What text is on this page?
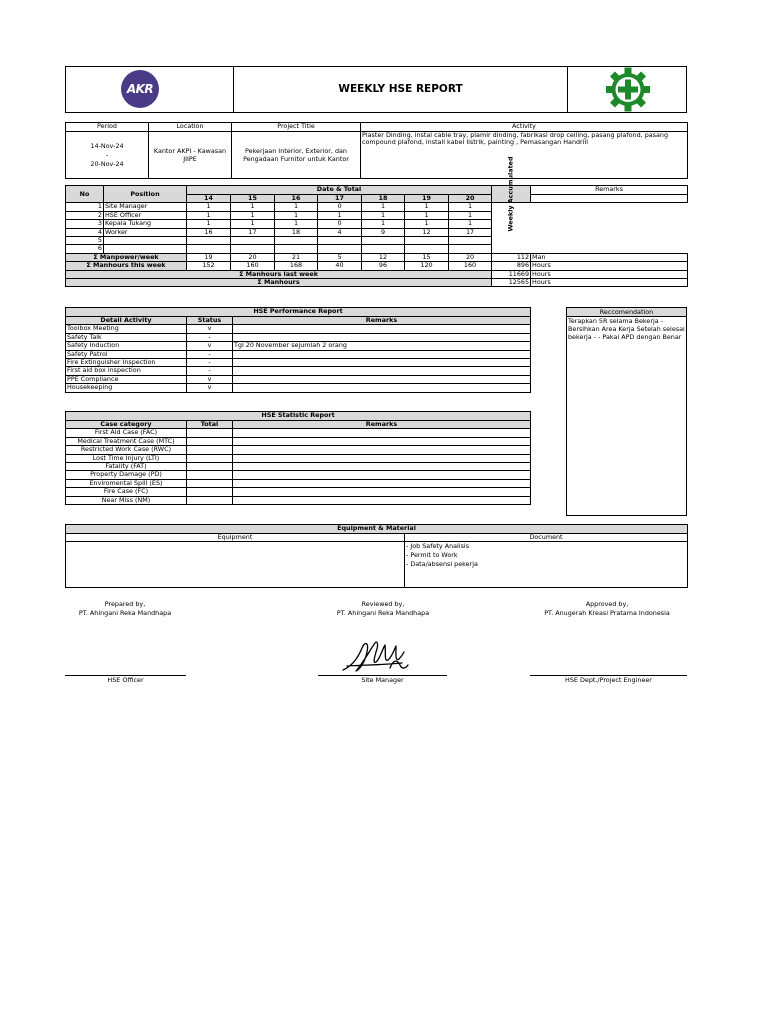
AKR	WEEKLY HSE REPORT
Period	Location	Project Title	Activity

14-Nov-24
-
20-Nov-24	Kantor AKPI - Kawasan JIIPE	Pekerjaan Interior, Exterior, dan Pengadaan Furnitor untuk Kantor	Plaster Dinding, instal cable tray, plamir dinding, fabrikasi drop ceiling, pasang plafond, pasang compound plafond, install kabel listrik, painting , Pemasangan Handrill
No	Position	Date & Total							Weekly Accumulated	Remarks
		14	15	16	17	18	19	20		
1	Site Manager	1	1	1	0	1	1	1		
2	HSE Officer	1	1	1	1	1	1	1		
3	Kepala Tukang	1	1	1	0	1	1	1		
4	Worker	16	17	18	4	9	12	17		
5										
6										
Σ Manpower/week		19	20	21	5	12	15	20	112	Man
Σ Manhours this week		152	160	168	40	96	120	160	896	Hours
Σ Manhours last week									11669	Hours
Σ Manhours									12565	Hours
HSE Performance Report		
Detail Activity	Status	Remarks
Toolbox Meeting	v	
Safety Talk	-	
Safety Induction	v	Tgl 20 November sejumlah 2 orang
Safety Patrol	-	
Fire Extinguisher Inspection	-	
First aid box inspection	-	
PPE Compliance	v	
Housekeeping	v	
Reccomendation
Terapkan 5R selama Bekerja - Bersihkan Area Kerja Setelah selesai bekerja - - Pakai APD dengan Benar
HSE Statistic Report		
Case category	Total	Remarks
First Aid Case (FAC)		
Medical Treatment Case (MTC)		
Restricted Work Case (RWC)		
Lost Time Injury (LTI)		
Fatality (FAT)		
Property Damage (PD)		
Enviromental Spill (ES)		
Fire Case (FC)		
Near Miss (NM)		
Equipment & Material	
Equipment	Document

	- Job Safety Analisis
- Permit to Work
- Data/absensi pekerja
Prepared by,
PT. Ahingani Reka Mandhapa
HSE Officer
Reviewed by,
PT. Ahingani Reka Mandhapa
Site Manager
Approved by,
PT. Anugerah Kreasi Pratama Indonesia
HSE Dept./Project Engineer
